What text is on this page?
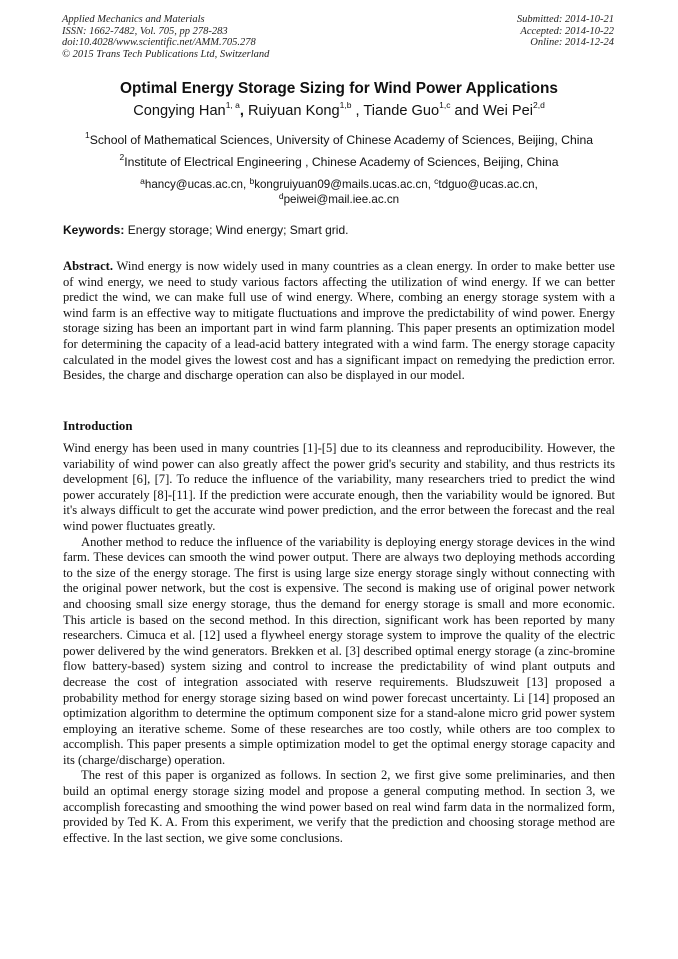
Applied Mechanics and Materials
ISSN: 1662-7482, Vol. 705, pp 278-283
doi:10.4028/www.scientific.net/AMM.705.278
© 2015 Trans Tech Publications Ltd, Switzerland
Submitted: 2014-10-21
Accepted: 2014-10-22
Online: 2014-12-24
Optimal Energy Storage Sizing for Wind Power Applications
Congying Han$^{1, a}$, Ruiyuan Kong$^{1,b}$ , Tiande Guo$^{1,c}$ and Wei Pei$^{2,d}$
$^1$School of Mathematical Sciences, University of Chinese Academy of Sciences, Beijing, China
$^2$Institute of Electrical Engineering , Chinese Academy of Sciences, Beijing, China
$^a$hancy@ucas.ac.cn, $^b$kongruiyuan09@mails.ucas.ac.cn, $^c$tdguo@ucas.ac.cn,
$^d$peiwei@mail.iee.ac.cn
Keywords: Energy storage; Wind energy; Smart grid.
Abstract. Wind energy is now widely used in many countries as a clean energy. In order to make better use of wind energy, we need to study various factors affecting the utilization of wind energy. If we can better predict the wind, we can make full use of wind energy. Where, combing an energy storage system with a wind farm is an effective way to mitigate fluctuations and improve the predictability of wind power. Energy storage sizing has been an important part in wind farm planning. This paper presents an optimization model for determining the capacity of a lead-acid battery integrated with a wind farm. The energy storage capacity calculated in the model gives the lowest cost and has a significant impact on remedying the prediction error. Besides, the charge and discharge operation can also be displayed in our model.
Introduction

Wind energy has been used in many countries [1]-[5] due to its cleanness and reproducibility. However, the variability of wind power can also greatly affect the power grid's security and stability, and thus restricts its development [6], [7]. To reduce the influence of the variability, many researchers tried to predict the wind power accurately [8]-[11]. If the prediction were accurate enough, then the variability would be ignored. But it's always difficult to get the accurate wind power prediction, and the error between the forecast and the real wind power fluctuates greatly.

Another method to reduce the influence of the variability is deploying energy storage devices in the wind farm. These devices can smooth the wind power output. There are always two deploying methods according to the size of the energy storage. The first is using large size energy storage singly without connecting with the original power network, but the cost is expensive. The second is making use of original power network and choosing small size energy storage, thus the demand for energy storage is small and more economic. This article is based on the second method. In this direction, significant work has been reported by many researchers. Cimuca et al. [12] used a flywheel energy storage system to improve the quality of the electric power delivered by the wind generators. Brekken et al. [3] described optimal energy storage (a zinc-bromine flow battery-based) system sizing and control to increase the predictability of wind plant outputs and decrease the cost of integration associated with reserve requirements. Bludszuweit [13] proposed a probability method for energy storage sizing based on wind power forecast uncertainty. Li [14] proposed an optimization algorithm to determine the optimum component size for a stand-alone micro grid power system employing an iterative scheme. Some of these researches are too costly, while others are too complex to accomplish. This paper presents a simple optimization model to get the optimal energy storage capacity and its (charge/discharge) operation.

The rest of this paper is organized as follows. In section 2, we first give some preliminaries, and then build an optimal energy storage sizing model and propose a general computing method. In section 3, we accomplish forecasting and smoothing the wind power based on real wind farm data in the normalized form, provided by Ted K. A. From this experiment, we verify that the prediction and choosing storage method are effective. In the last section, we give some conclusions.
